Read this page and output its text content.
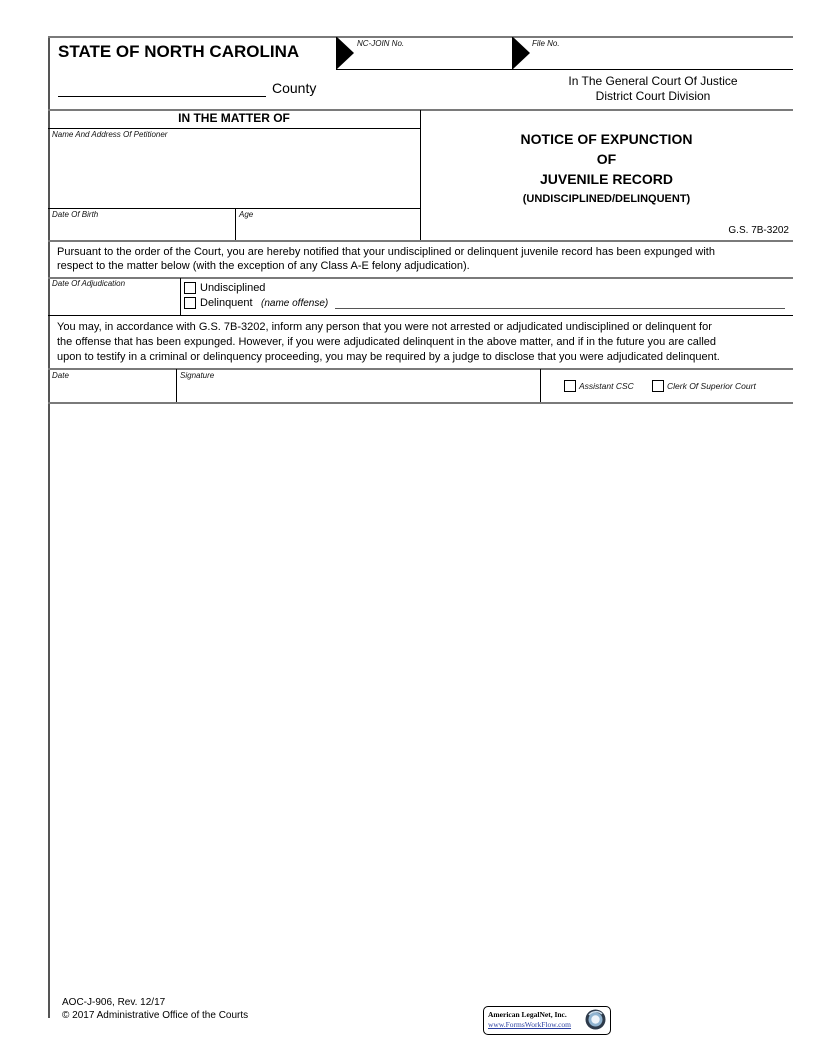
STATE OF NORTH CAROLINA	NC-JOIN No.	File No.
County	In The General Court Of Justice
District Court Division
IN THE MATTER OF
Name And Address Of Petitioner
Date Of Birth	Age
NOTICE OF EXPUNCTION
OF
JUVENILE RECORD
(UNDISCIPLINED/DELINQUENT)
G.S. 7B-3202
Pursuant to the order of the Court, you are hereby notified that your undisciplined or delinquent juvenile record has been expunged with
respect to the matter below (with the exception of any Class A-E felony adjudication).
Date Of Adjudication	Undisciplined
Delinquent (name offense)
You may, in accordance with G.S. 7B-3202, inform any person that you were not arrested or adjudicated undisciplined or delinquent for
the offense that has been expunged. However, if you were adjudicated delinquent in the above matter, and if in the future you are called
upon to testify in a criminal or delinquency proceeding, you may be required by a judge to disclose that you were adjudicated delinquent.
Date	Signature
Assistant CSC	Clerk Of Superior Court
AOC-J-906, Rev. 12/17
© 2017 Administrative Office of the Courts	American LegalNet, Inc.
www.FormsWorkFlow.com
